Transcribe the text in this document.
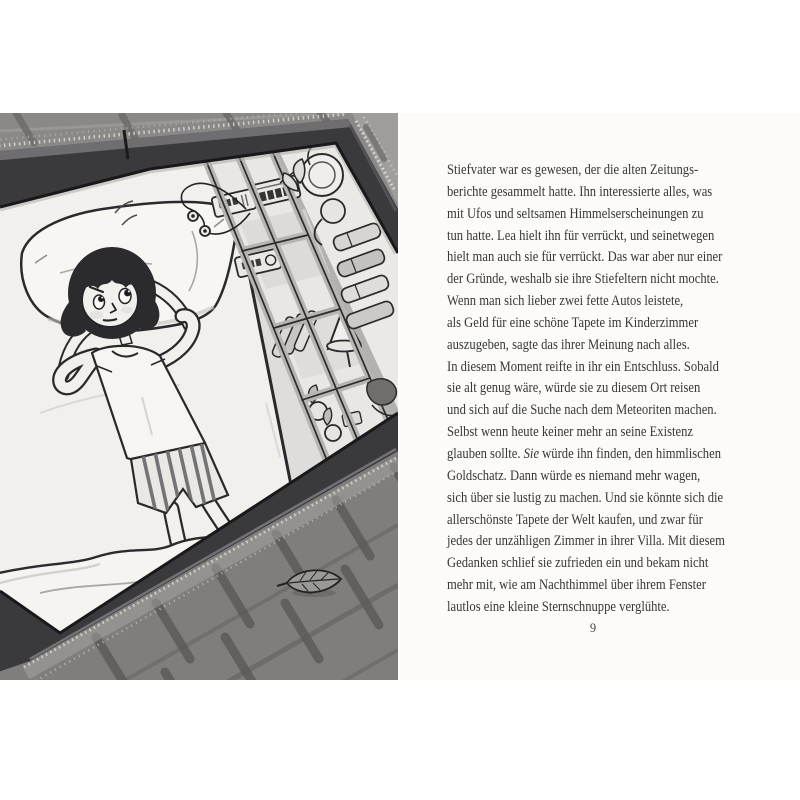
Stiefvater war es gewesen, der die alten Zeitungs-
berichte gesammelt hatte. Ihn interessierte alles, was
mit Ufos und seltsamen Himmelserscheinungen zu
tun hatte. Lea hielt ihn für verrückt, und seinetwegen
hielt man auch sie für verrückt. Das war aber nur einer
der Gründe, weshalb sie ihre Stiefeltern nicht mochte.
Wenn man sich lieber zwei fette Autos leistete,
als Geld für eine schöne Tapete im Kinderzimmer
auszugeben, sagte das ihrer Meinung nach alles.
In diesem Moment reifte in ihr ein Entschluss. Sobald
sie alt genug wäre, würde sie zu diesem Ort reisen
und sich auf die Suche nach dem Meteoriten machen.
Selbst wenn heute keiner mehr an seine Existenz
glauben sollte. Sie würde ihn finden, den himmlischen
Goldschatz. Dann würde es niemand mehr wagen,
sich über sie lustig zu machen. Und sie könnte sich die
allerschönste Tapete der Welt kaufen, und zwar für
jedes der unzähligen Zimmer in ihrer Villa. Mit diesem
Gedanken schlief sie zufrieden ein und bekam nicht
mehr mit, wie am Nachthimmel über ihrem Fenster
lautlos eine kleine Sternschnuppe verglühte.
9
